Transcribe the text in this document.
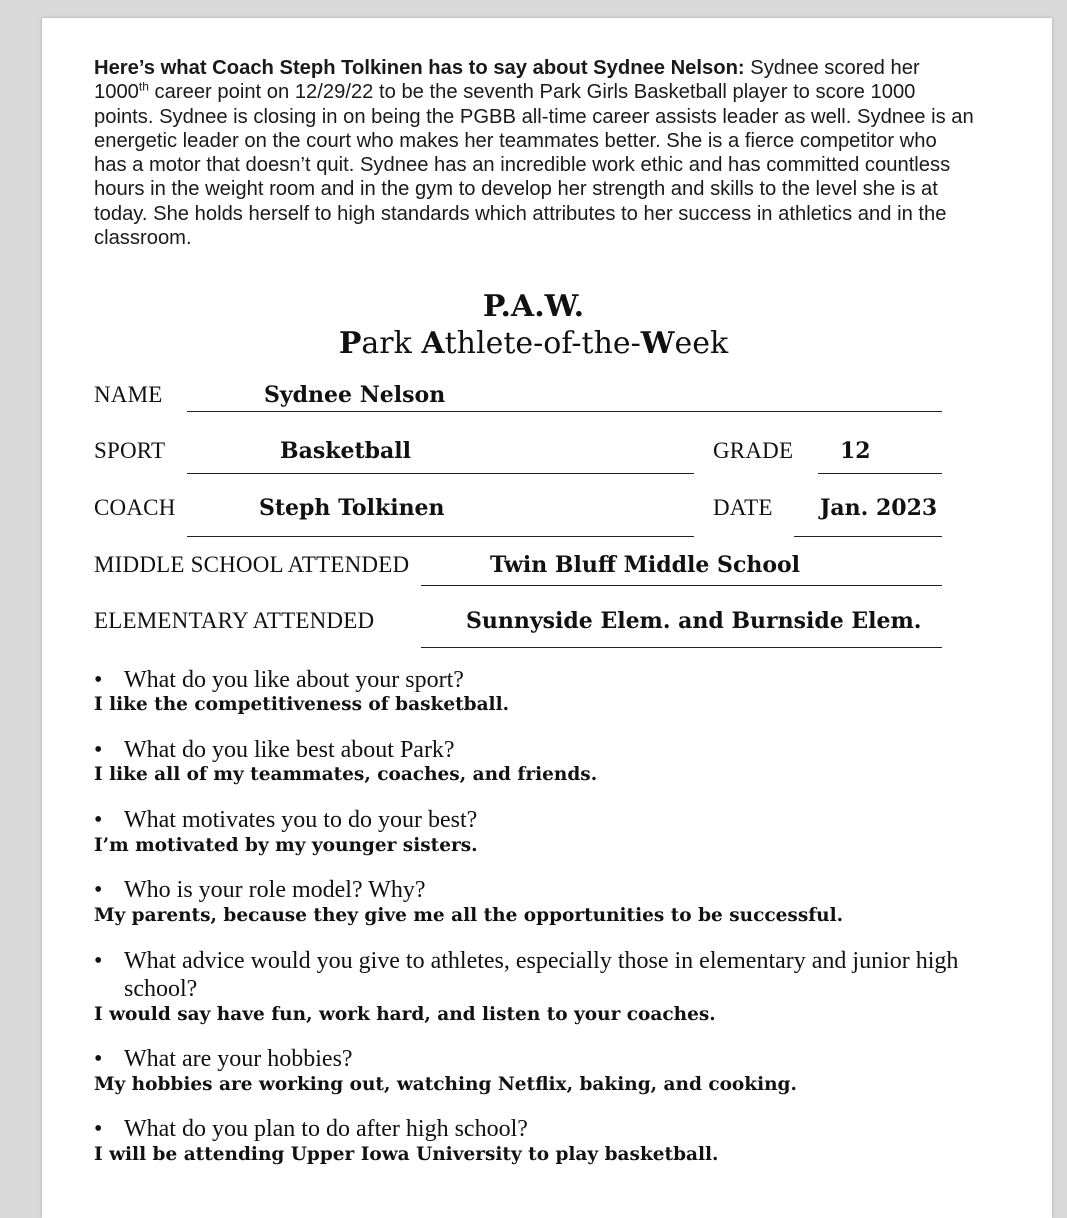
Here’s what Coach Steph Tolkinen has to say about Sydnee Nelson: Sydnee scored her 1000th career point on 12/29/22 to be the seventh Park Girls Basketball player to score 1000 points. Sydnee is closing in on being the PGBB all-time career assists leader as well. Sydnee is an energetic leader on the court who makes her teammates better. She is a fierce competitor who has a motor that doesn’t quit. Sydnee has an incredible work ethic and has committed countless hours in the weight room and in the gym to develop her strength and skills to the level she is at today. She holds herself to high standards which attributes to her success in athletics and in the classroom.

P.A.W.
Park Athlete-of-the-Week
NAME	Sydnee Nelson
SPORT	Basketball	GRADE 12
COACH	Steph Tolkinen	DATE Jan. 2023
MIDDLE SCHOOL ATTENDED	Twin Bluff Middle School
ELEMENTARY ATTENDED	Sunnyside Elem. and Burnside Elem.
• What do you like about your sport?
I like the competitiveness of basketball.
• What do you like best about Park?
I like all of my teammates, coaches, and friends.
• What motivates you to do your best?
I’m motivated by my younger sisters.
• Who is your role model? Why?
My parents, because they give me all the opportunities to be successful.
• What advice would you give to athletes, especially those in elementary and junior high school?
I would say have fun, work hard, and listen to your coaches.
• What are your hobbies?
My hobbies are working out, watching Netflix, baking, and cooking.
• What do you plan to do after high school?
I will be attending Upper Iowa University to play basketball.
